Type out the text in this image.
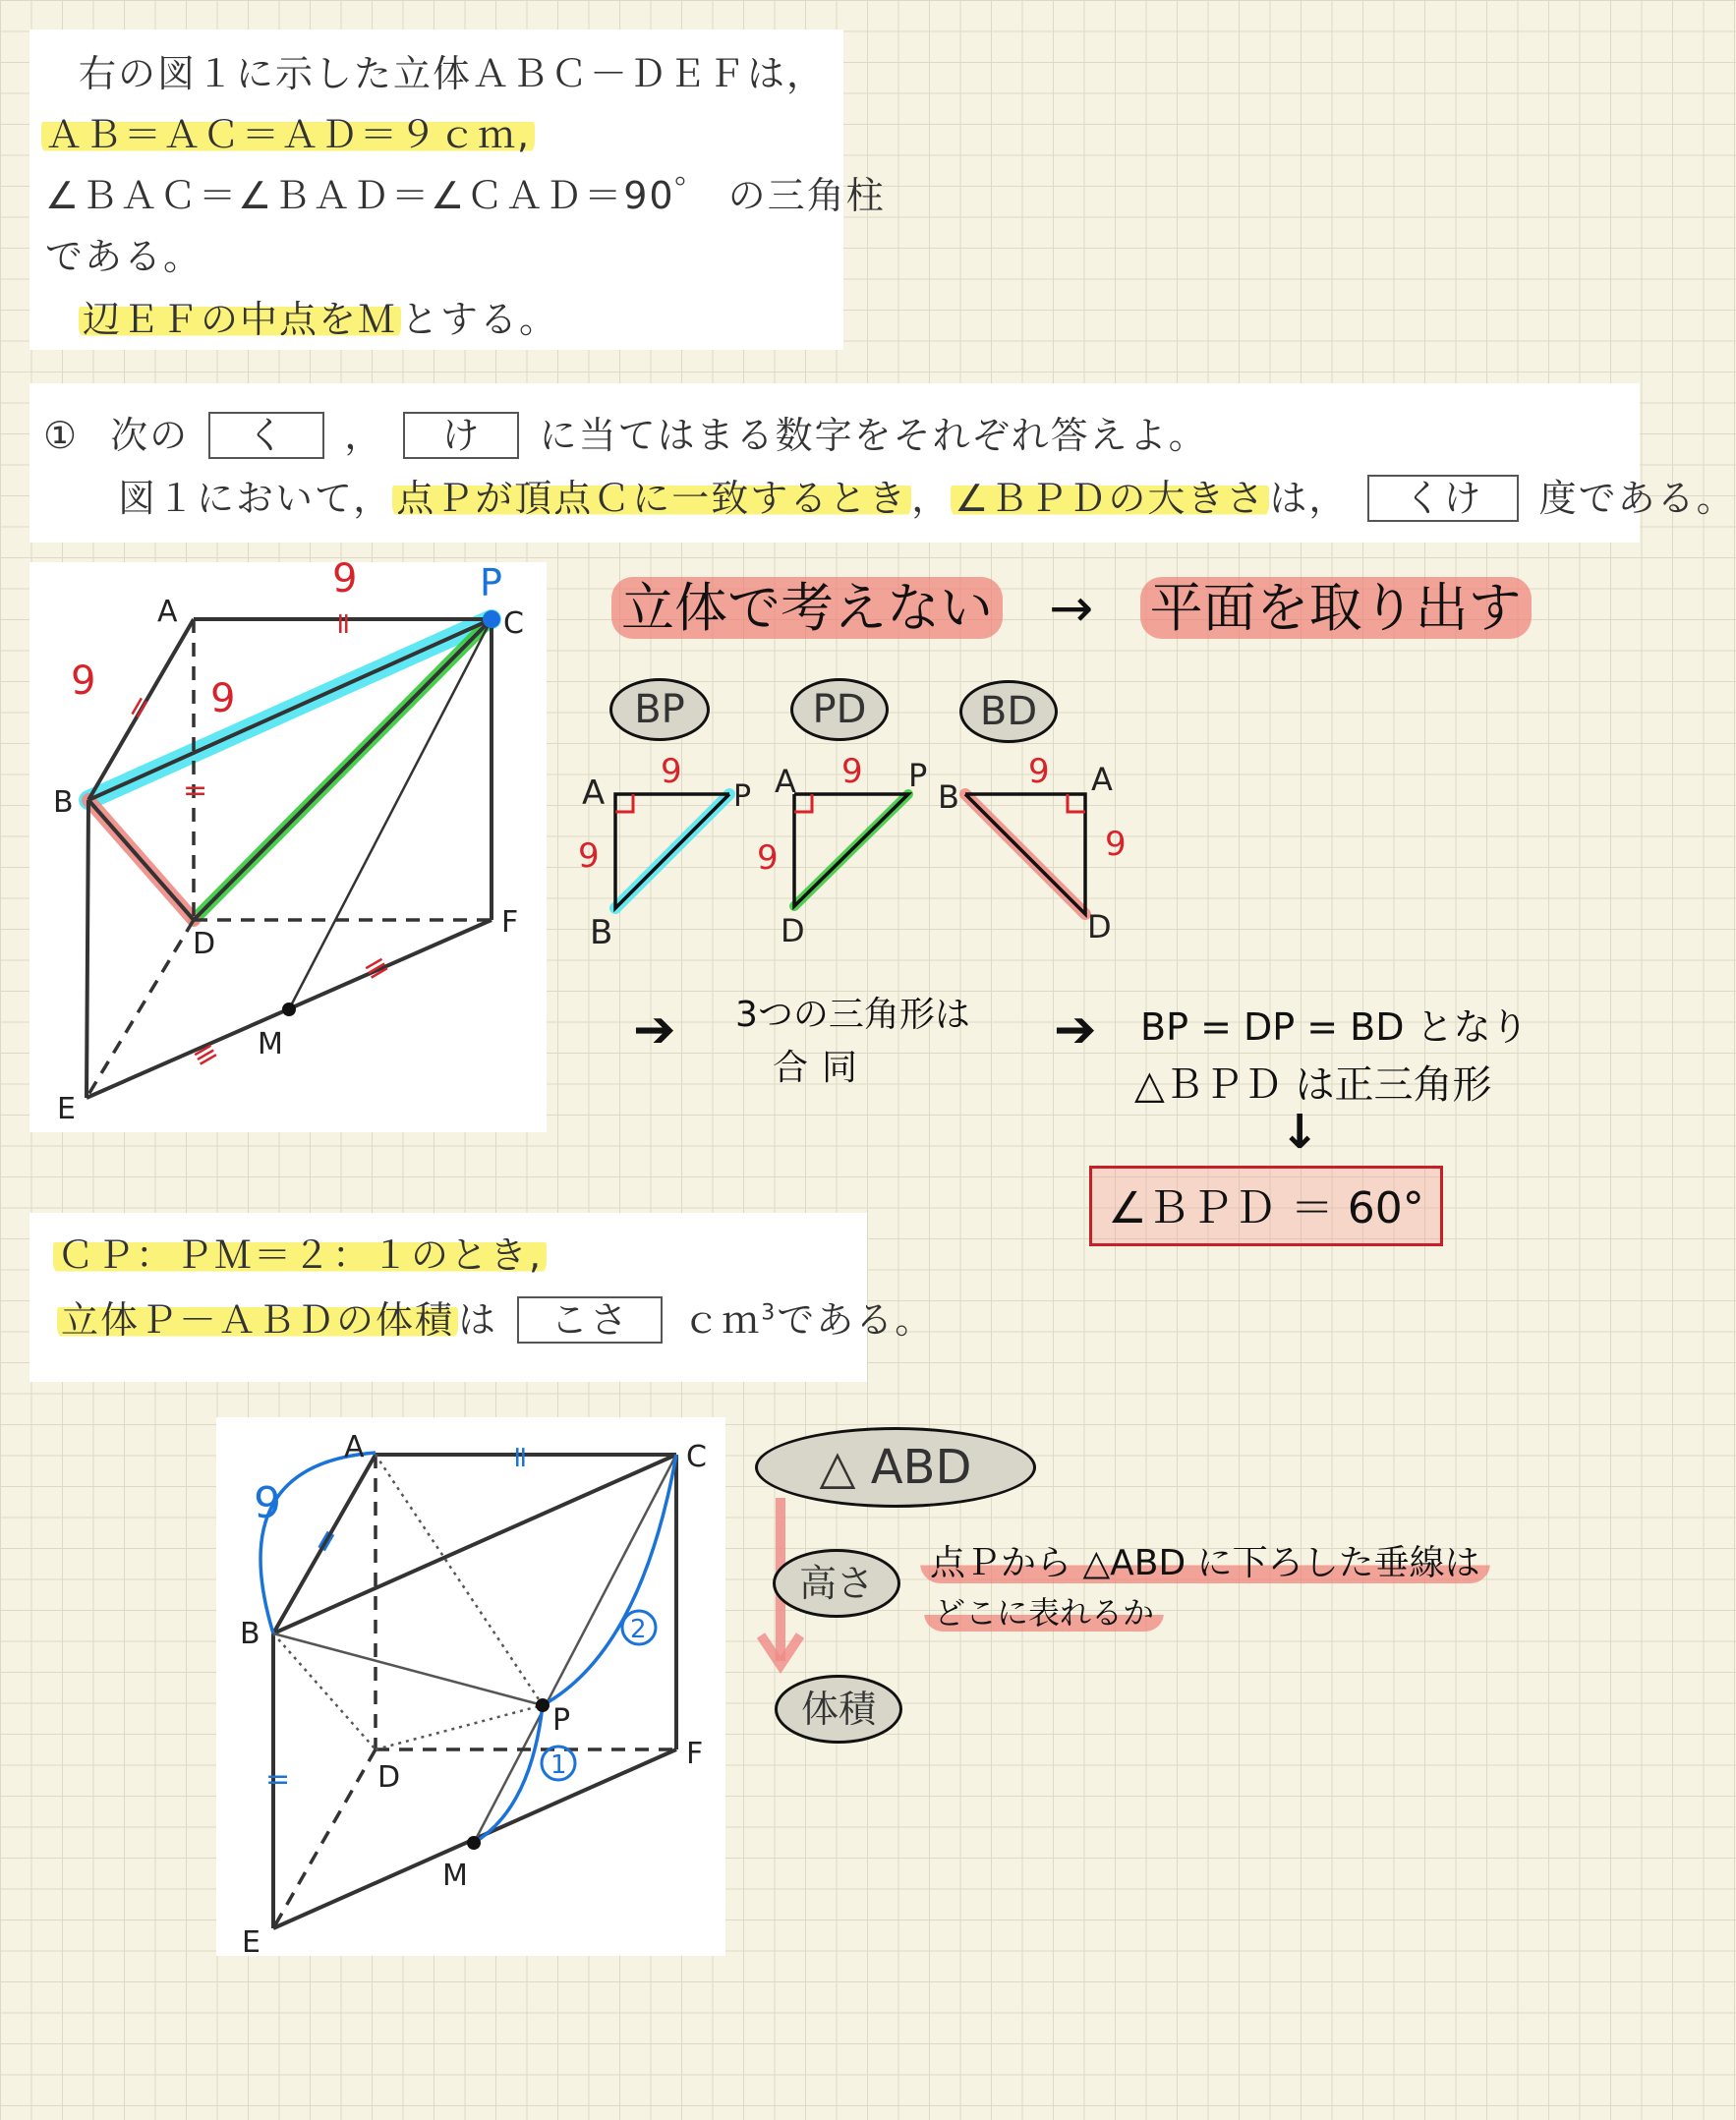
右の図１に示した立体ＡＢＣ－ＤＥＦは，
ＡＢ＝ＡＣ＝ＡＤ＝９ｃｍ,
∠ＢＡＣ＝∠ＢＡＤ＝∠ＣＡＤ＝90゜ の三角柱
である。
辺ＥＦの中点をＭ とする。
① 次の く ， け に当てはまる数字をそれぞれ答えよ。
図１において， 点Ｐが頂点Ｃに一致するとき ， ∠ＢＰＤの大きさ は， くけ 度である。
A
B
C
D
E
F
M
P
9	9
9
=
=
=
≡
≡
立体で考えない → 平面を取り出す
BP	PD	BD
A	P
B
9
9
A	P
D
9
9
B	A
D
9
9
➔ 3つの三角形は
合同
➔ BP = DP = BD となり
△ＢＰＤ は正三角形
↓
∠ＢＰＤ ＝ 60°
ＣＰ：ＰＭ＝２：１のとき,
立体Ｐ－ＡＢＤの体積 は こさ ｃｍ$^3$である。
A
B
C
D
E
F
M
P
9
=
=
=
2
1
△ ABD
高さ
体積
点Ｐから △ABD に下ろした垂線は
どこに表れるか
